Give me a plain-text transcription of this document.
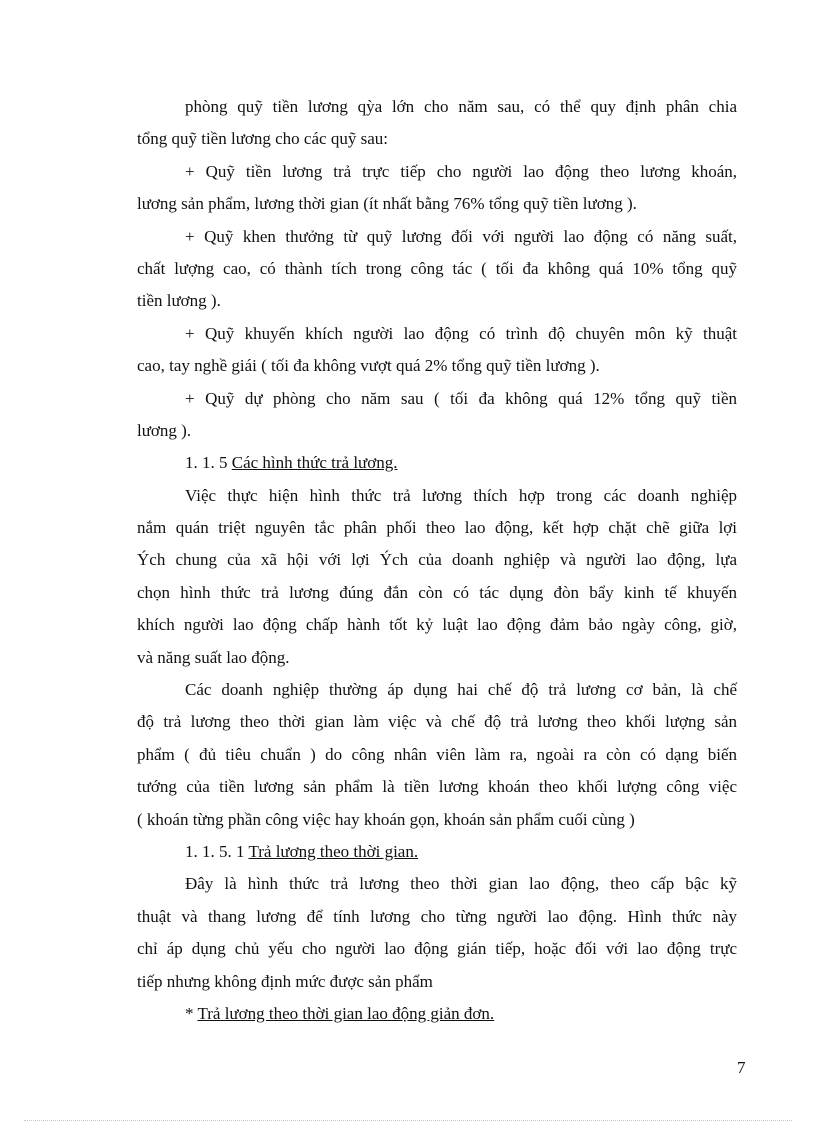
phòng quỹ tiền lương qỳa lớn cho năm sau, có thể quy định phân chia
tổng quỹ tiền lương cho các quỹ sau:
+ Quỹ tiền lương trả trực tiếp cho người lao động theo lương khoán,
lương sản phẩm, lương thời gian (ít nhất bằng 76% tổng quỹ tiền lương ).
+ Quỹ khen thưởng từ quỹ lương đối với người lao động có năng suất,
chất lượng cao, có thành tích trong công tác ( tối đa không quá 10% tổng quỹ
tiền lương ).
+ Quỹ khuyến khích người lao động có trình độ chuyên môn kỹ thuật
cao, tay nghề giái ( tối đa không vượt quá 2% tổng quỹ tiền lương ).
+ Quỹ dự phòng cho năm sau ( tối đa không quá 12% tổng quỹ tiền
lương ).
1. 1. 5 Các hình thức trả lương.
Việc thực hiện hình thức trả lương thích hợp trong các doanh nghiệp
nắm quán triệt nguyên tắc phân phối theo lao động, kết hợp chặt chẽ giữa lợi
Ých chung của xã hội với lợi Ých của doanh nghiệp và người lao động, lựa
chọn hình thức trả lương đúng đắn còn có tác dụng đòn bẩy kinh tế khuyến
khích người lao động chấp hành tốt kỷ luật lao động đảm bảo ngày công, giờ,
và năng suất lao động.
Các doanh nghiệp thường áp dụng hai chế độ trả lương cơ bản, là chế
độ trả lương theo thời gian làm việc và chế độ trả lương theo khối lượng sản
phẩm ( đủ tiêu chuẩn ) do công nhân viên làm ra, ngoài ra còn có dạng biến
tướng của tiền lương sản phẩm là tiền lương khoán theo khối lượng công việc
( khoán từng phần công việc hay khoán gọn, khoán sản phẩm cuối cùng )
1. 1. 5. 1 Trả lương theo thời gian.
Đây là hình thức trả lương theo thời gian lao động, theo cấp bậc kỹ
thuật và thang lương để tính lương cho từng người lao động. Hình thức này
chỉ áp dụng chủ yếu cho người lao động gián tiếp, hoặc đối với lao động trực
tiếp nhưng không định mức được sản phẩm
* Trả lương theo thời gian lao động giản đơn.
7
